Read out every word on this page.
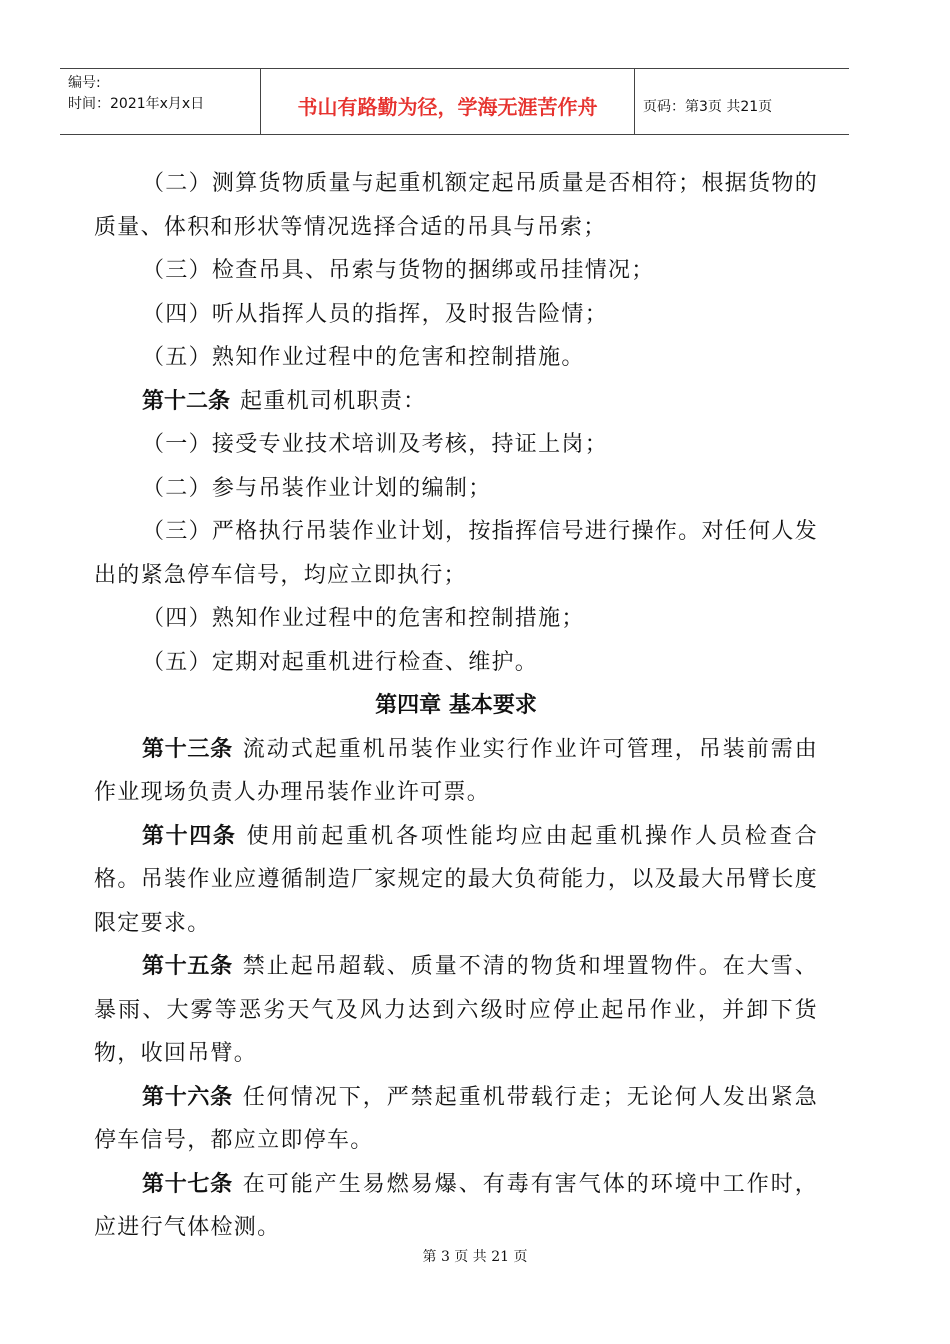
编号:
时间：2021年x月x日	书山有路勤为径，学海无涯苦作舟	页码：第3页 共21页

（二）测算货物质量与起重机额定起吊质量是否相符；根据货物的质量、体积和形状等情况选择合适的吊具与吊索；

（三）检查吊具、吊索与货物的捆绑或吊挂情况；

（四）听从指挥人员的指挥，及时报告险情；

（五）熟知作业过程中的危害和控制措施。

第十二条 起重机司机职责：

（一）接受专业技术培训及考核，持证上岗；

（二）参与吊装作业计划的编制；

（三）严格执行吊装作业计划，按指挥信号进行操作。对任何人发出的紧急停车信号，均应立即执行；

（四）熟知作业过程中的危害和控制措施；

（五）定期对起重机进行检查、维护。

第四章 基本要求

第十三条 流动式起重机吊装作业实行作业许可管理，吊装前需由作业现场负责人办理吊装作业许可票。

第十四条 使用前起重机各项性能均应由起重机操作人员检查合格。吊装作业应遵循制造厂家规定的最大负荷能力，以及最大吊臂长度限定要求。

第十五条 禁止起吊超载、质量不清的物货和埋置物件。在大雪、暴雨、大雾等恶劣天气及风力达到六级时应停止起吊作业，并卸下货物，收回吊臂。

第十六条 任何情况下，严禁起重机带载行走；无论何人发出紧急停车信号，都应立即停车。

第十七条 在可能产生易燃易爆、有毒有害气体的环境中工作时，应进行气体检测。

第 3 页 共 21 页
